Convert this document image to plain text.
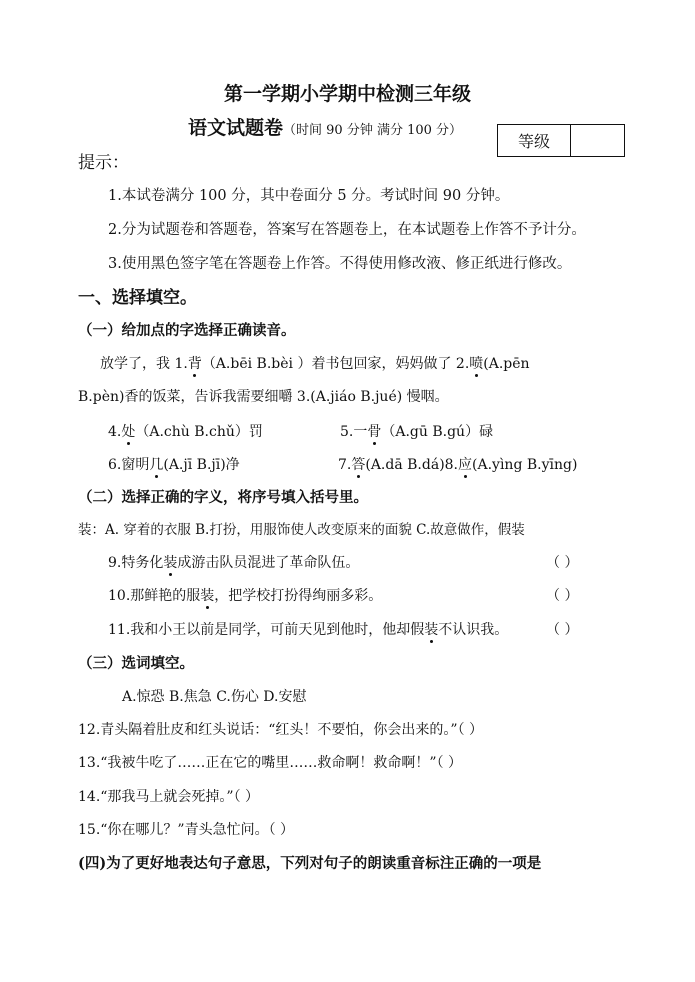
第一学期小学期中检测三年级
语文试题卷（时间 90 分钟 满分 100 分）
等级
提示：
1.本试卷满分 100 分，其中卷面分 5 分。考试时间 90 分钟。
2.分为试题卷和答题卷，答案写在答题卷上，在本试题卷上作答不予计分。
3.使用黑色签字笔在答题卷上作答。不得使用修改液、修正纸进行修改。
一、选择填空。
（一）给加点的字选择正确读音。
放学了，我 1.背（A.bēi B.bèi ）着书包回家，妈妈做了 2.喷(A.pēn
B.pèn)香的饭菜，告诉我需要细嚼 3.(A.jiáo B.jué) 慢咽。
4.处（A.chù B.chǔ）罚	5.一骨（A.gū B.gú）碌
6.窗明几(A.jī B.jī)净	7.答(A.dā B.dá)8.应(A.yìng B.yīng)
（二）选择正确的字义，将序号填入括号里。
装：A. 穿着的衣服 B.打扮，用服饰使人改变原来的面貌 C.故意做作，假装
9.特务化装成游击队员混进了革命队伍。	（ ）
10.那鲜艳的服装，把学校打扮得绚丽多彩。	（ ）
11.我和小王以前是同学，可前天见到他时，他却假装不认识我。	（ ）
（三）选词填空。
A.惊恐 B.焦急 C.伤心 D.安慰
12.青头隔着肚皮和红头说话：“红头！不要怕，你会出来的。”（ ）
13.“我被牛吃了……正在它的嘴里……救命啊！救命啊！”（ ）
14.“那我马上就会死掉。”（ ）
15.“你在哪儿？”青头急忙问。（ ）
(四)为了更好地表达句子意思，下列对句子的朗读重音标注正确的一项是
